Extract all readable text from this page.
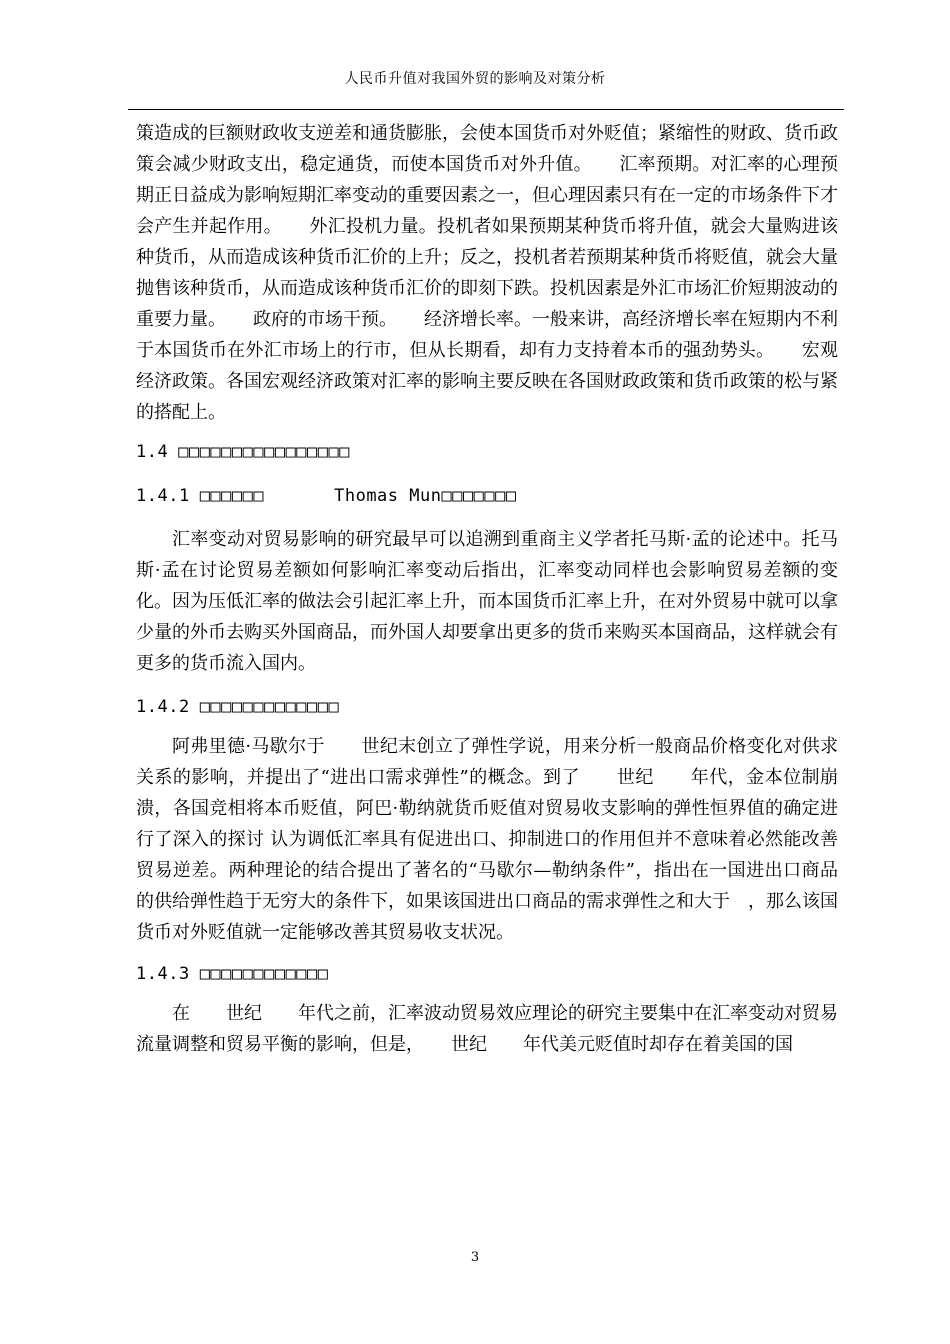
人民币升值对我国外贸的影响及对策分析

策造成的巨额财政收支逆差和通货膨胀，会使本国货币对外贬值；紧缩性的财政、货币政策会减少财政支出，稳定通货，而使本国货币对外升值。　　汇率预期。对汇率的心理预期正日益成为影响短期汇率变动的重要因素之一，但心理因素只有在一定的市场条件下才会产生并起作用。　　外汇投机力量。投机者如果预期某种货币将升值，就会大量购进该种货币，从而造成该种货币汇价的上升；反之，投机者若预期某种货币将贬值，就会大量抛售该种货币，从而造成该种货币汇价的即刻下跌。投机因素是外汇市场汇价短期波动的重要力量。　　政府的市场干预。　　经济增长率。一般来讲，高经济增长率在短期内不利于本国货币在外汇市场上的行市，但从长期看，却有力支持着本币的强劲势头。　　宏观经济政策。各国宏观经济政策对汇率的影响主要反映在各国财政政策和货币政策的松与紧的搭配上。

1.4 □□□□□□□□□□□□□□□□
1.4.1 □□□□□□	Thomas Mun□□□□□□□

汇率变动对贸易影响的研究最早可以追溯到重商主义学者托马斯·孟的论述中。托马斯·孟在讨论贸易差额如何影响汇率变动后指出，汇率变动同样也会影响贸易差额的变化。因为压低汇率的做法会引起汇率上升，而本国货币汇率上升，在对外贸易中就可以拿少量的外币去购买外国商品，而外国人却要拿出更多的货币来购买本国商品，这样就会有更多的货币流入国内。

1.4.2 □□□□□□□□□□□□□

阿弗里德·马歇尔于　　世纪末创立了弹性学说，用来分析一般商品价格变化对供求关系的影响，并提出了“进出口需求弹性”的概念。到了　　世纪　　年代，金本位制崩溃，各国竞相将本币贬值，阿巴·勒纳就货币贬值对贸易收支影响的弹性恒界值的确定进行了深入的探讨 认为调低汇率具有促进出口、抑制进口的作用但并不意味着必然能改善贸易逆差。两种理论的结合提出了著名的“马歇尔—勒纳条件”，指出在一国进出口商品的供给弹性趋于无穷大的条件下，如果该国进出口商品的需求弹性之和大于　，那么该国货币对外贬值就一定能够改善其贸易收支状况。

1.4.3 □□□□□□□□□□□□

在　　世纪　　年代之前，汇率波动贸易效应理论的研究主要集中在汇率变动对贸易流量调整和贸易平衡的影响，但是，　　世纪　　年代美元贬值时却存在着美国的国

3
